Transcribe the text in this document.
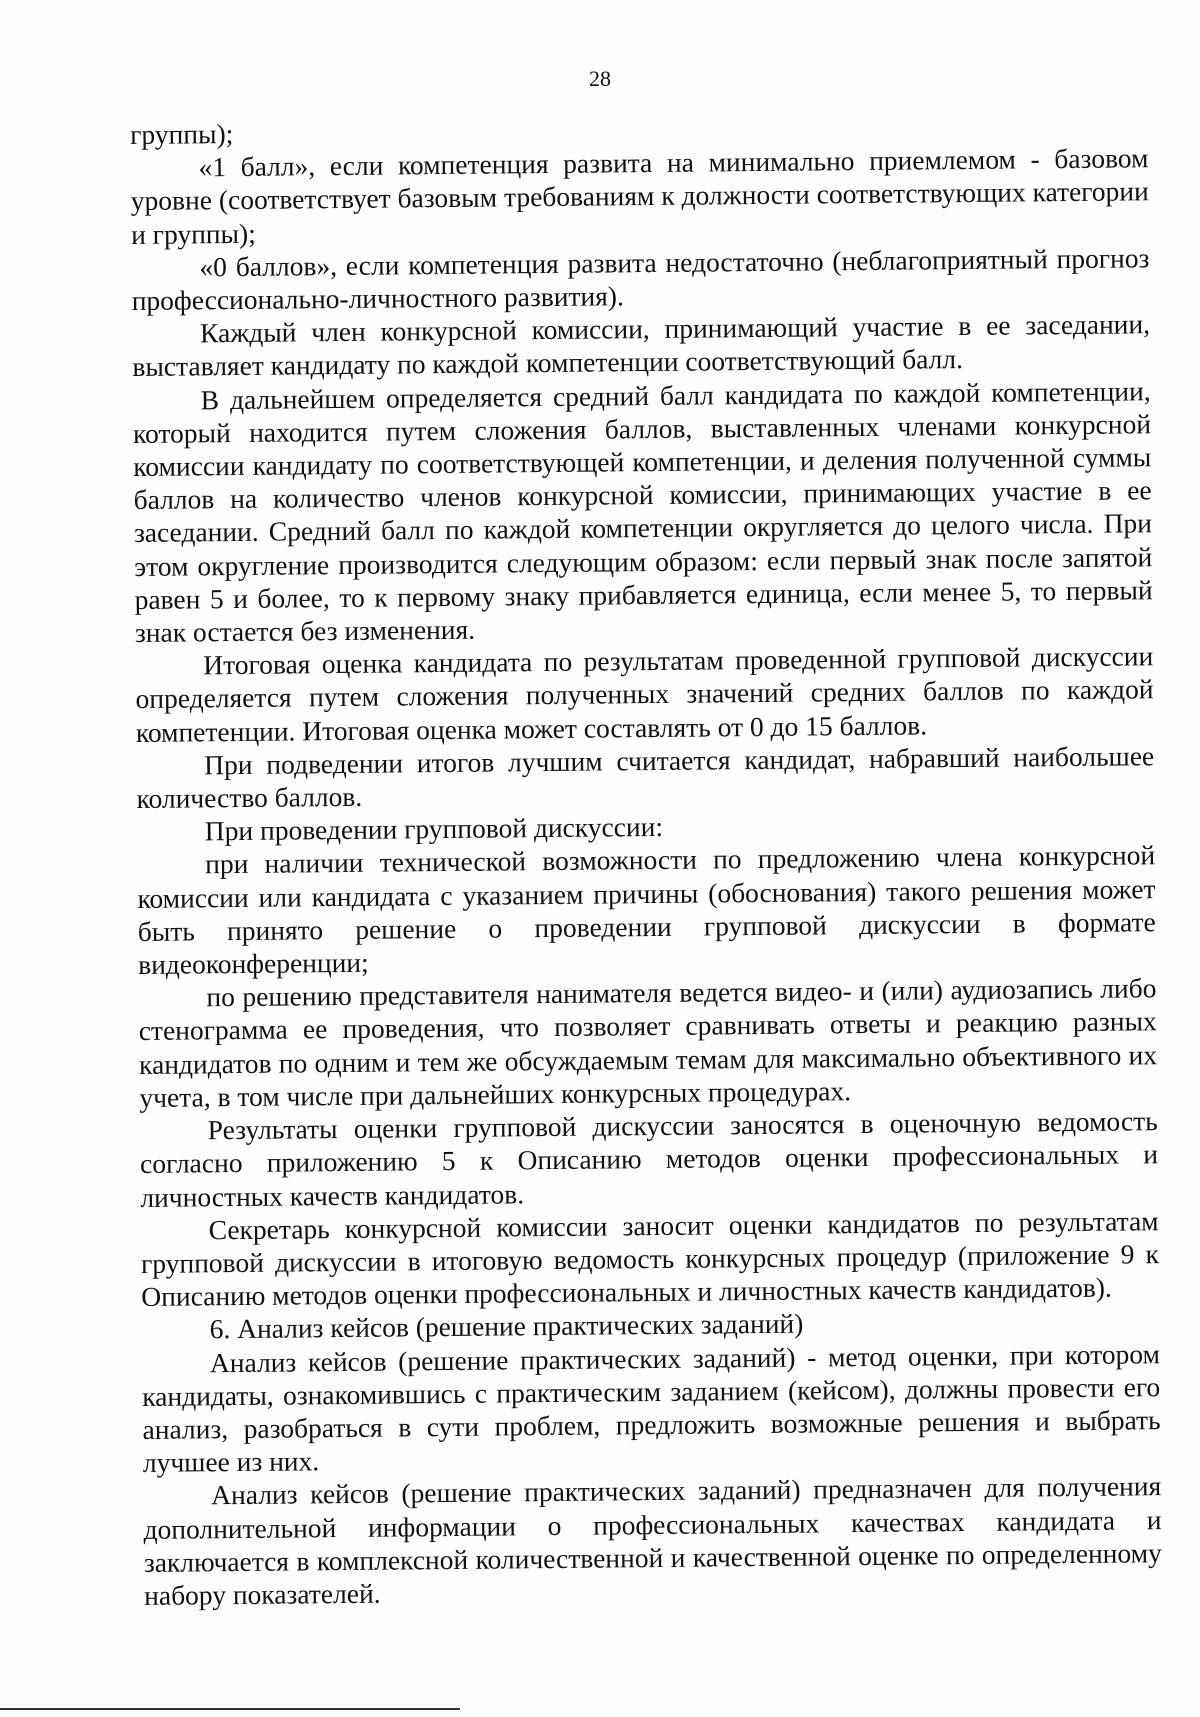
28

группы);

«1 балл», если компетенция развита на минимально приемлемом - базовом уровне (соответствует базовым требованиям к должности соответствующих категории и группы);

«0 баллов», если компетенция развита недостаточно (неблагоприятный прогноз профессионально-личностного развития).

Каждый член конкурсной комиссии, принимающий участие в ее заседании, выставляет кандидату по каждой компетенции соответствующий балл.

В дальнейшем определяется средний балл кандидата по каждой компетенции, который находится путем сложения баллов, выставленных членами конкурсной комиссии кандидату по соответствующей компетенции, и деления полученной суммы баллов на количество членов конкурсной комиссии, принимающих участие в ее заседании. Средний балл по каждой компетенции округляется до целого числа. При этом округление производится следующим образом: если первый знак после запятой равен 5 и более, то к первому знаку прибавляется единица, если менее 5, то первый знак остается без изменения.

Итоговая оценка кандидата по результатам проведенной групповой дискуссии определяется путем сложения полученных значений средних баллов по каждой компетенции. Итоговая оценка может составлять от 0 до 15 баллов.

При подведении итогов лучшим считается кандидат, набравший наибольшее количество баллов.

При проведении групповой дискуссии:

при наличии технической возможности по предложению члена конкурсной комиссии или кандидата с указанием причины (обоснования) такого решения может быть принято решение о проведении групповой дискуссии в формате видеоконференции;

по решению представителя нанимателя ведется видео- и (или) аудиозапись либо стенограмма ее проведения, что позволяет сравнивать ответы и реакцию разных кандидатов по одним и тем же обсуждаемым темам для максимально объективного их учета, в том числе при дальнейших конкурсных процедурах.

Результаты оценки групповой дискуссии заносятся в оценочную ведомость согласно приложению 5 к Описанию методов оценки профессиональных и личностных качеств кандидатов.

Секретарь конкурсной комиссии заносит оценки кандидатов по результатам групповой дискуссии в итоговую ведомость конкурсных процедур (приложение 9 к Описанию методов оценки профессиональных и личностных качеств кандидатов).

6. Анализ кейсов (решение практических заданий)

Анализ кейсов (решение практических заданий) - метод оценки, при котором кандидаты, ознакомившись с практическим заданием (кейсом), должны провести его анализ, разобраться в сути проблем, предложить возможные решения и выбрать лучшее из них.

Анализ кейсов (решение практических заданий) предназначен для получения дополнительной информации о профессиональных качествах кандидата и заключается в комплексной количественной и качественной оценке по определенному набору показателей.
